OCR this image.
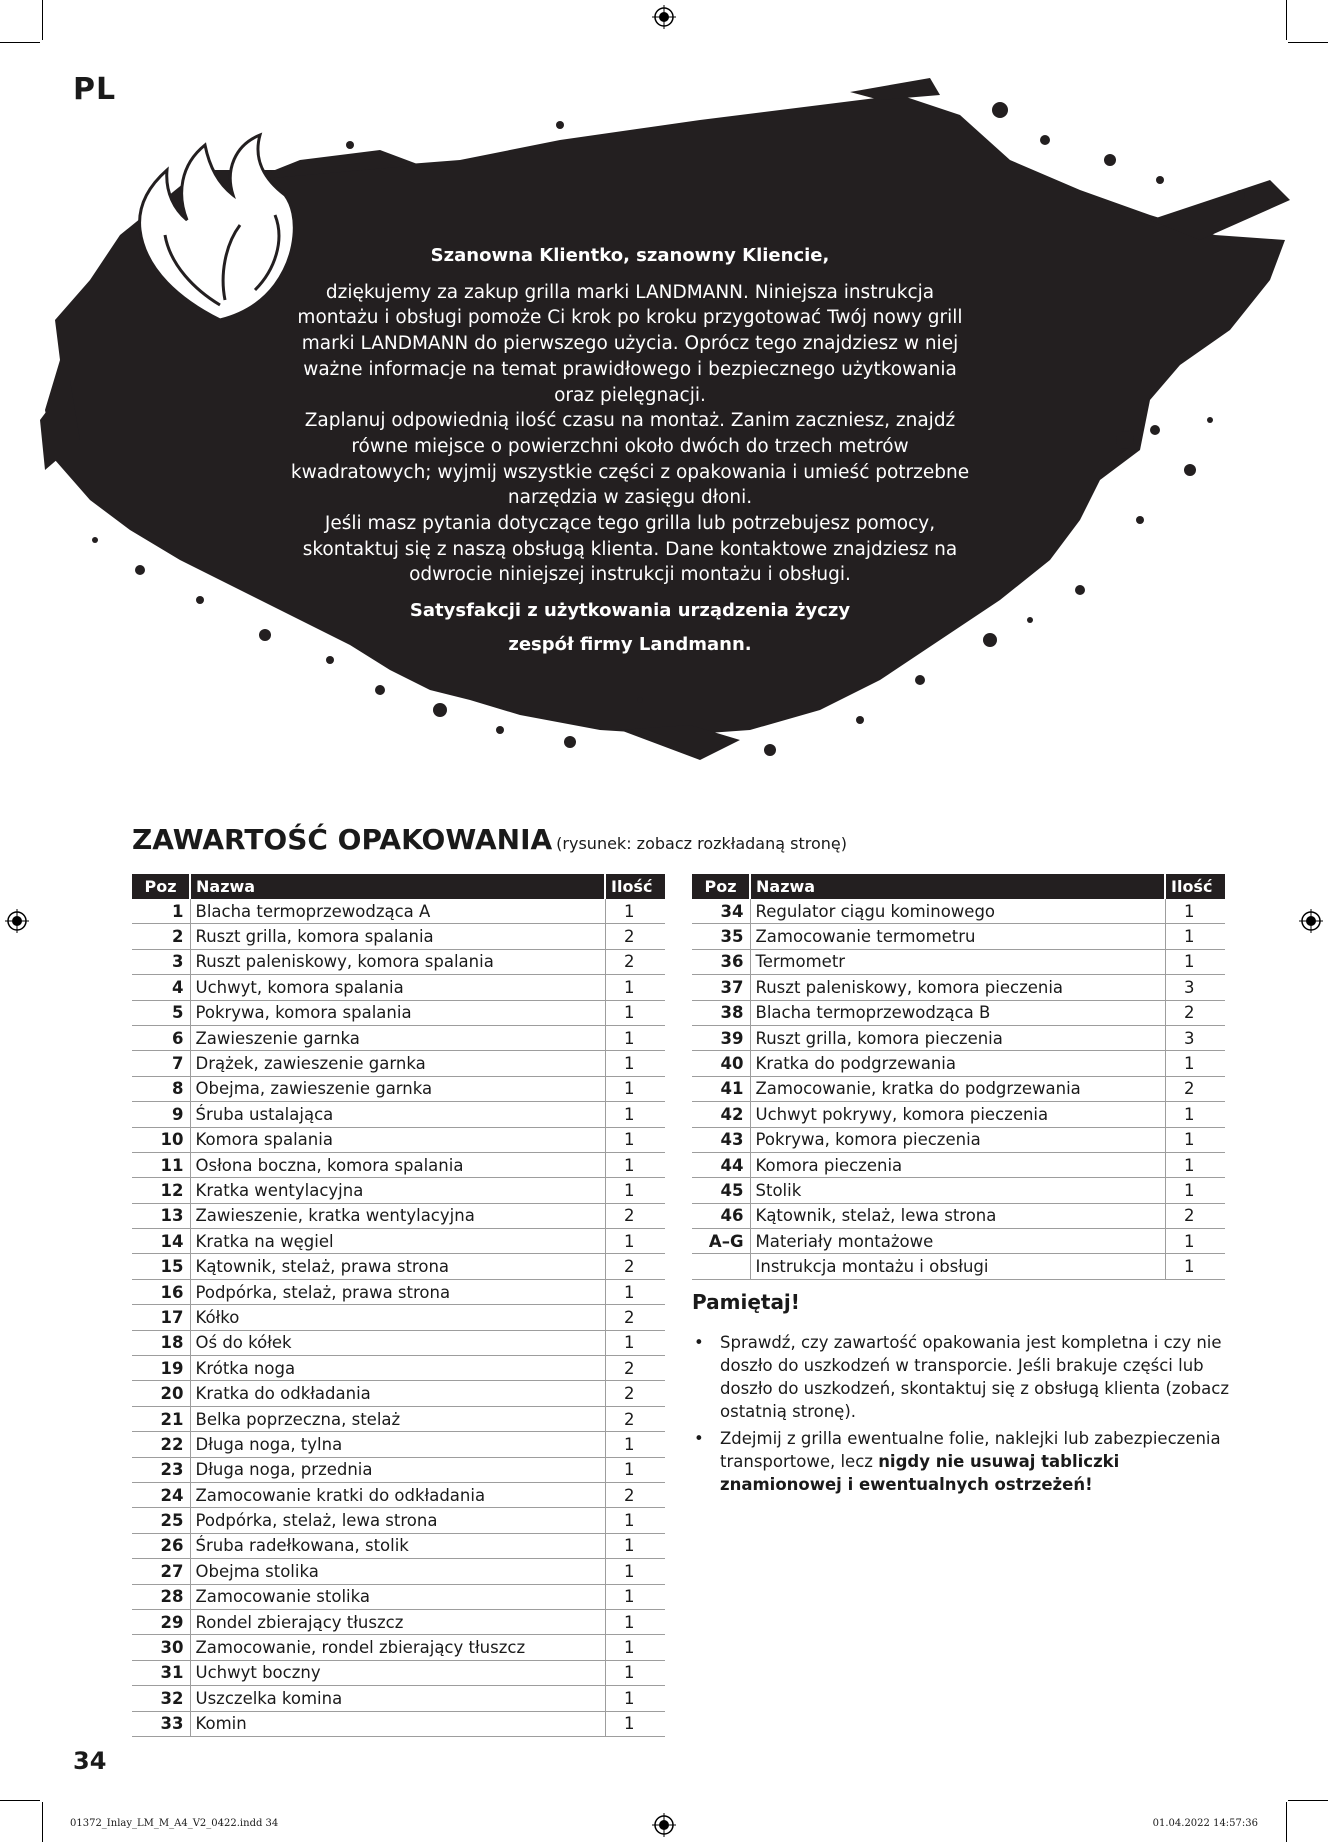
PL

Szanowna Klientko, szanowny Kliencie,

dziękujemy za zakup grilla marki LANDMANN. Niniejsza instrukcja montażu i obsługi pomoże Ci krok po kroku przygotować Twój nowy grill marki LANDMANN do pierwszego użycia. Oprócz tego znajdziesz w niej ważne informacje na temat prawidłowego i bezpiecznego użytkowania oraz pielęgnacji.

Zaplanuj odpowiednią ilość czasu na montaż. Zanim zaczniesz, znajdź równe miejsce o powierzchni około dwóch do trzech metrów kwadratowych; wyjmij wszystkie części z opakowania i umieść potrzebne narzędzia w zasięgu dłoni.

Jeśli masz pytania dotyczące tego grilla lub potrzebujesz pomocy, skontaktuj się z naszą obsługą klienta. Dane kontaktowe znajdziesz na odwrocie niniejszej instrukcji montażu i obsługi.

Satysfakcji z użytkowania urządzenia życzy
zespół firmy Landmann.

ZAWARTOŚĆ OPAKOWANIA (rysunek: zobacz rozkładaną stronę)
Poz	Nazwa	Ilość
1	Blacha termoprzewodząca A	1
2	Ruszt grilla, komora spalania	2
3	Ruszt paleniskowy, komora spalania	2
4	Uchwyt, komora spalania	1
5	Pokrywa, komora spalania	1
6	Zawieszenie garnka	1
7	Drążek, zawieszenie garnka	1
8	Obejma, zawieszenie garnka	1
9	Śruba ustalająca	1
10	Komora spalania	1
11	Osłona boczna, komora spalania	1
12	Kratka wentylacyjna	1
13	Zawieszenie, kratka wentylacyjna	2
14	Kratka na węgiel	1
15	Kątownik, stelaż, prawa strona	2
16	Podpórka, stelaż, prawa strona	1
17	Kółko	2
18	Oś do kółek	1
19	Krótka noga	2
20	Kratka do odkładania	2
21	Belka poprzeczna, stelaż	2
22	Długa noga, tylna	1
23	Długa noga, przednia	1
24	Zamocowanie kratki do odkładania	2
25	Podpórka, stelaż, lewa strona	1
26	Śruba radełkowana, stolik	1
27	Obejma stolika	1
28	Zamocowanie stolika	1
29	Rondel zbierający tłuszcz	1
30	Zamocowanie, rondel zbierający tłuszcz	1
31	Uchwyt boczny	1
32	Uszczelka komina	1
33	Komin	1
Poz	Nazwa	Ilość
34	Regulator ciągu kominowego	1
35	Zamocowanie termometru	1
36	Termometr	1
37	Ruszt paleniskowy, komora pieczenia	3
38	Blacha termoprzewodząca B	2
39	Ruszt grilla, komora pieczenia	3
40	Kratka do podgrzewania	1
41	Zamocowanie, kratka do podgrzewania	2
42	Uchwyt pokrywy, komora pieczenia	1
43	Pokrywa, komora pieczenia	1
44	Komora pieczenia	1
45	Stolik	1
46	Kątownik, stelaż, lewa strona	2
A–G	Materiały montażowe	1
	Instrukcja montażu i obsługi	1
Pamiętaj!
• Sprawdź, czy zawartość opakowania jest kompletna i czy nie doszło do uszkodzeń w transporcie. Jeśli brakuje części lub doszło do uszkodzeń, skontaktuj się z obsługą klienta (zobacz ostatnią stronę).
• Zdejmij z grilla ewentualne folie, naklejki lub zabezpieczenia transportowe, lecz nigdy nie usuwaj tabliczki znamionowej i ewentualnych ostrzeżeń!
34
01372_Inlay_LM_M_A4_V2_0422.indd 34	01.04.2022 14:57:36
